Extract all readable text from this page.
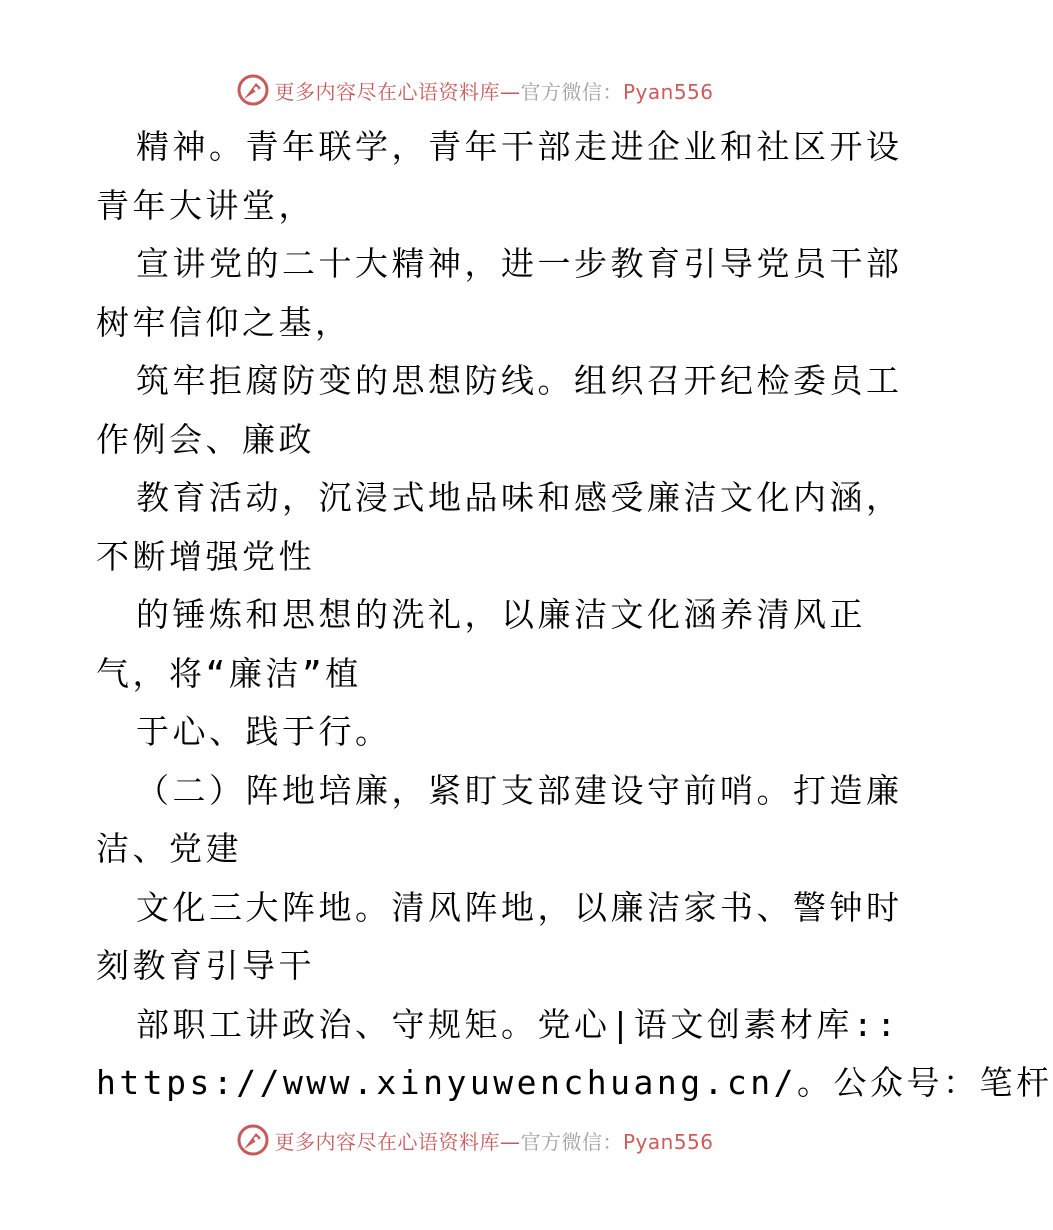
更多内容尽在心语资料库—官方微信：Pyan556
精神。青年联学，青年干部走进企业和社区开设
青年大讲堂，
宣讲党的二十大精神，进一步教育引导党员干部
树牢信仰之基，
筑牢拒腐防变的思想防线。组织召开纪检委员工
作例会、廉政
教育活动，沉浸式地品味和感受廉洁文化内涵，
不断增强党性
的锤炼和思想的洗礼，以廉洁文化涵养清风正
气，将“廉洁”植
于心、践于行。
（二）阵地培廉，紧盯支部建设守前哨。打造廉
洁、党建
文化三大阵地。清风阵地，以廉洁家书、警钟时
刻教育引导干
部职工讲政治、守规矩。党心|语文创素材库::
https://www.xinyuwenchuang.cn/。公众号：笔杆
更多内容尽在心语资料库—官方微信：Pyan556
